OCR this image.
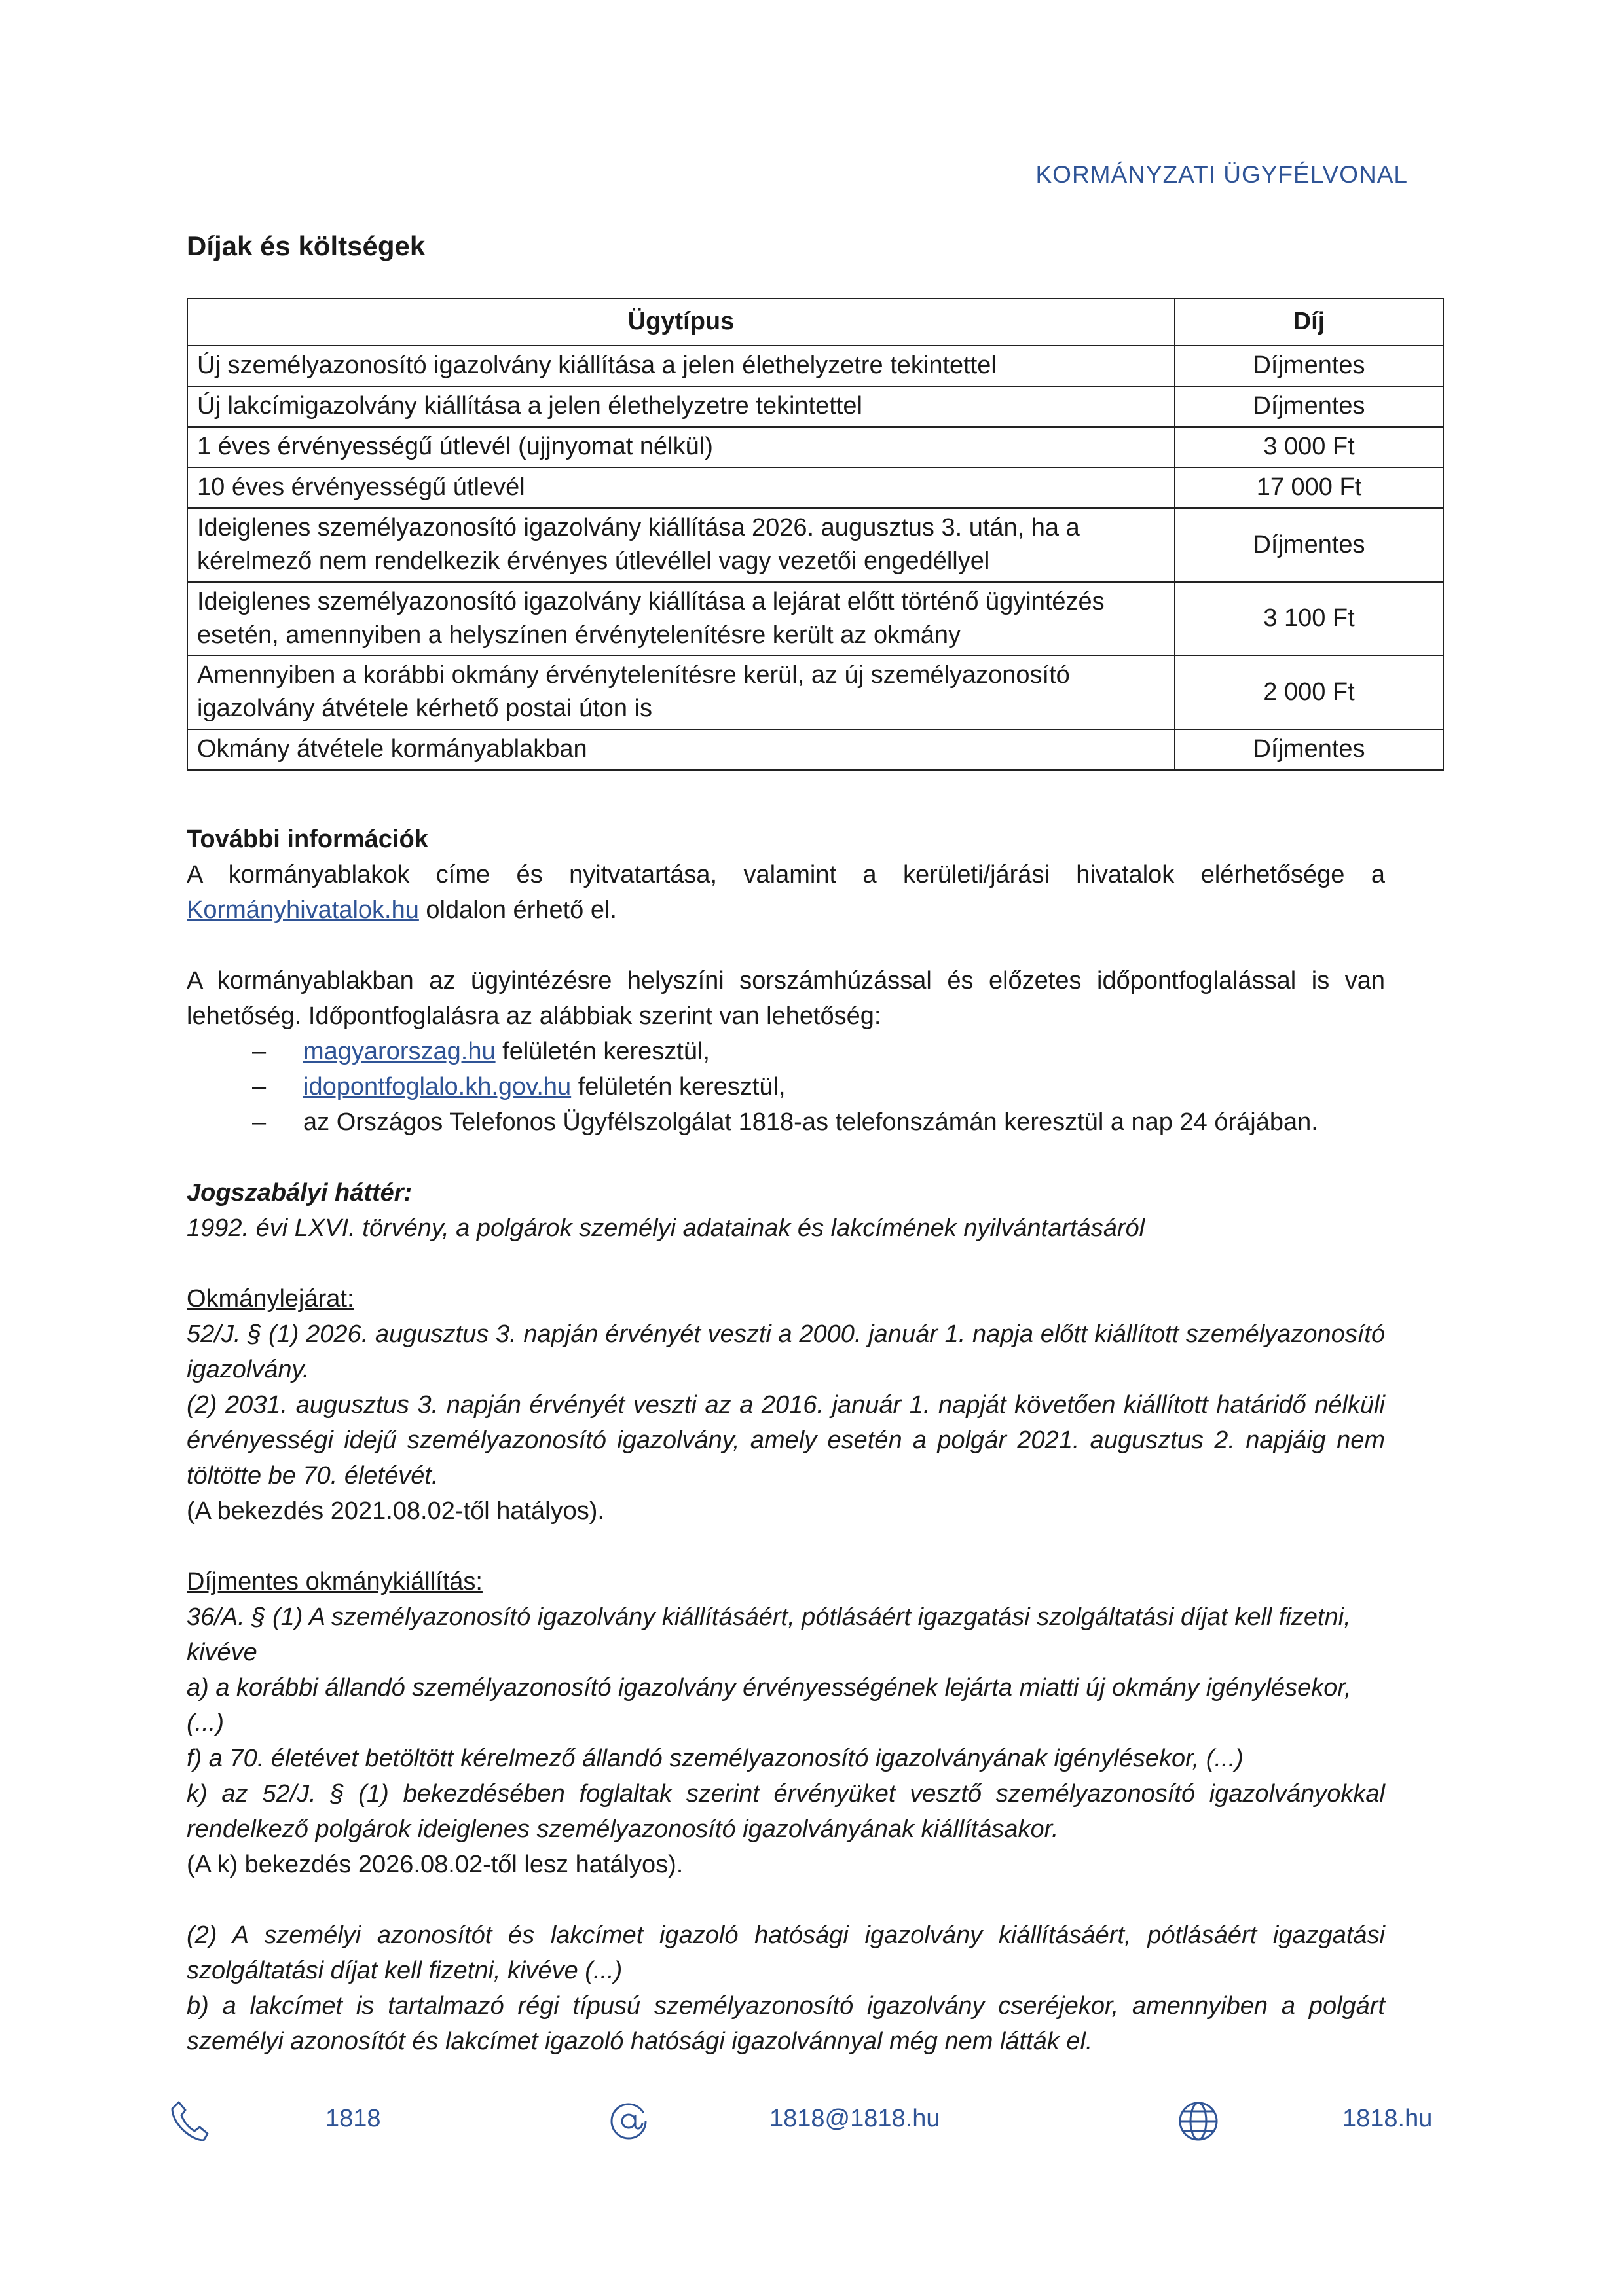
KORMÁNYZATI ÜGYFÉLVONAL
Díjak és költségek
Ügytípus	Díj
Új személyazonosító igazolvány kiállítása a jelen élethelyzetre tekintettel	Díjmentes
Új lakcímigazolvány kiállítása a jelen élethelyzetre tekintettel	Díjmentes
1 éves érvényességű útlevél (ujjnyomat nélkül)	3 000 Ft
10 éves érvényességű útlevél	17 000 Ft
Ideiglenes személyazonosító igazolvány kiállítása 2026. augusztus 3. után, ha a kérelmező nem rendelkezik érvényes útlevéllel vagy vezetői engedéllyel	Díjmentes
Ideiglenes személyazonosító igazolvány kiállítása a lejárat előtt történő ügyintézés esetén, amennyiben a helyszínen érvénytelenítésre került az okmány	3 100 Ft
Amennyiben a korábbi okmány érvénytelenítésre kerül, az új személyazonosító igazolvány átvétele kérhető postai úton is	2 000 Ft
Okmány átvétele kormányablakban	Díjmentes
További információk
A kormányablakok címe és nyitvatartása, valamint a kerületi/járási hivatalok elérhetősége a Kormányhivatalok.hu oldalon érhető el.
A kormányablakban az ügyintézésre helyszíni sorszámhúzással és előzetes időpontfoglalással is van lehetőség. Időpontfoglalásra az alábbiak szerint van lehetőség:
– magyarorszag.hu felületén keresztül,
– idopontfoglalo.kh.gov.hu felületén keresztül,
– az Országos Telefonos Ügyfélszolgálat 1818-as telefonszámán keresztül a nap 24 órájában.
Jogszabályi háttér:
1992. évi LXVI. törvény, a polgárok személyi adatainak és lakcímének nyilvántartásáról
Okmánylejárat:
52/J. § (1) 2026. augusztus 3. napján érvényét veszti a 2000. január 1. napja előtt kiállított személyazonosító igazolvány.
(2) 2031. augusztus 3. napján érvényét veszti az a 2016. január 1. napját követően kiállított határidő nélküli érvényességi idejű személyazonosító igazolvány, amely esetén a polgár 2021. augusztus 2. napjáig nem töltötte be 70. életévét.
(A bekezdés 2021.08.02-től hatályos).
Díjmentes okmánykiállítás:
36/A. § (1) A személyazonosító igazolvány kiállításáért, pótlásáért igazgatási szolgáltatási díjat kell fizetni, kivéve
a) a korábbi állandó személyazonosító igazolvány érvényességének lejárta miatti új okmány igénylésekor,
(...)
f) a 70. életévet betöltött kérelmező állandó személyazonosító igazolványának igénylésekor, (...)
k) az 52/J. § (1) bekezdésében foglaltak szerint érvényüket vesztő személyazonosító igazolványokkal rendelkező polgárok ideiglenes személyazonosító igazolványának kiállításakor.
(A k) bekezdés 2026.08.02-től lesz hatályos).
(2) A személyi azonosítót és lakcímet igazoló hatósági igazolvány kiállításáért, pótlásáért igazgatási szolgáltatási díjat kell fizetni, kivéve (...)
b) a lakcímet is tartalmazó régi típusú személyazonosító igazolvány cseréjekor, amennyiben a polgárt személyi azonosítót és lakcímet igazoló hatósági igazolvánnyal még nem látták el.
1818	1818@1818.hu	1818.hu
